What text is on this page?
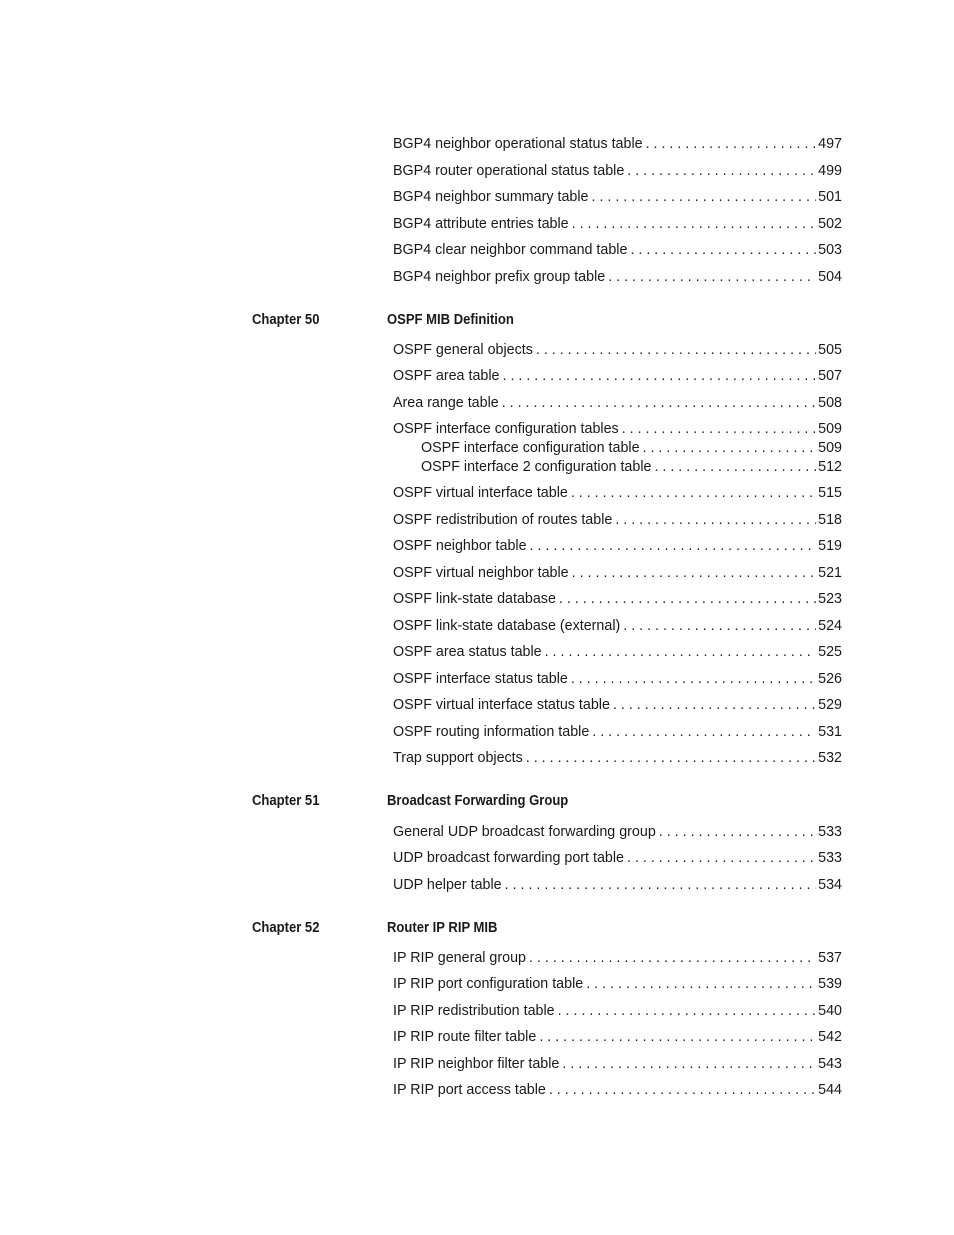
BGP4 neighbor operational status table . . .	497
BGP4 router operational status table . . .	499
BGP4 neighbor summary table . . .	501
BGP4 attribute entries table . . .	502
BGP4 clear neighbor command table . . .	503
BGP4 neighbor prefix group table . . .	504
Chapter 50	OSPF MIB Definition
OSPF general objects . . .	505
OSPF area table . . .	507
Area range table . . .	508
OSPF interface configuration tables . . .	509
OSPF interface configuration table . . .	509
OSPF interface 2 configuration table . . .	512
OSPF virtual interface table . . .	515
OSPF redistribution of routes table . . .	518
OSPF neighbor table . . .	519
OSPF virtual neighbor table . . .	521
OSPF link-state database . . .	523
OSPF link-state database (external) . . .	524
OSPF area status table . . .	525
OSPF interface status table . . .	526
OSPF virtual interface status table . . .	529
OSPF routing information table . . .	531
Trap support objects . . .	532
Chapter 51	Broadcast Forwarding Group
General UDP broadcast forwarding group . . .	533
UDP broadcast forwarding port table . . .	533
UDP helper table . . .	534
Chapter 52	Router IP RIP MIB
IP RIP general group . . .	537
IP RIP port configuration table . . .	539
IP RIP redistribution table . . .	540
IP RIP route filter table . . .	542
IP RIP neighbor filter table . . .	543
IP RIP port access table . . .	544
